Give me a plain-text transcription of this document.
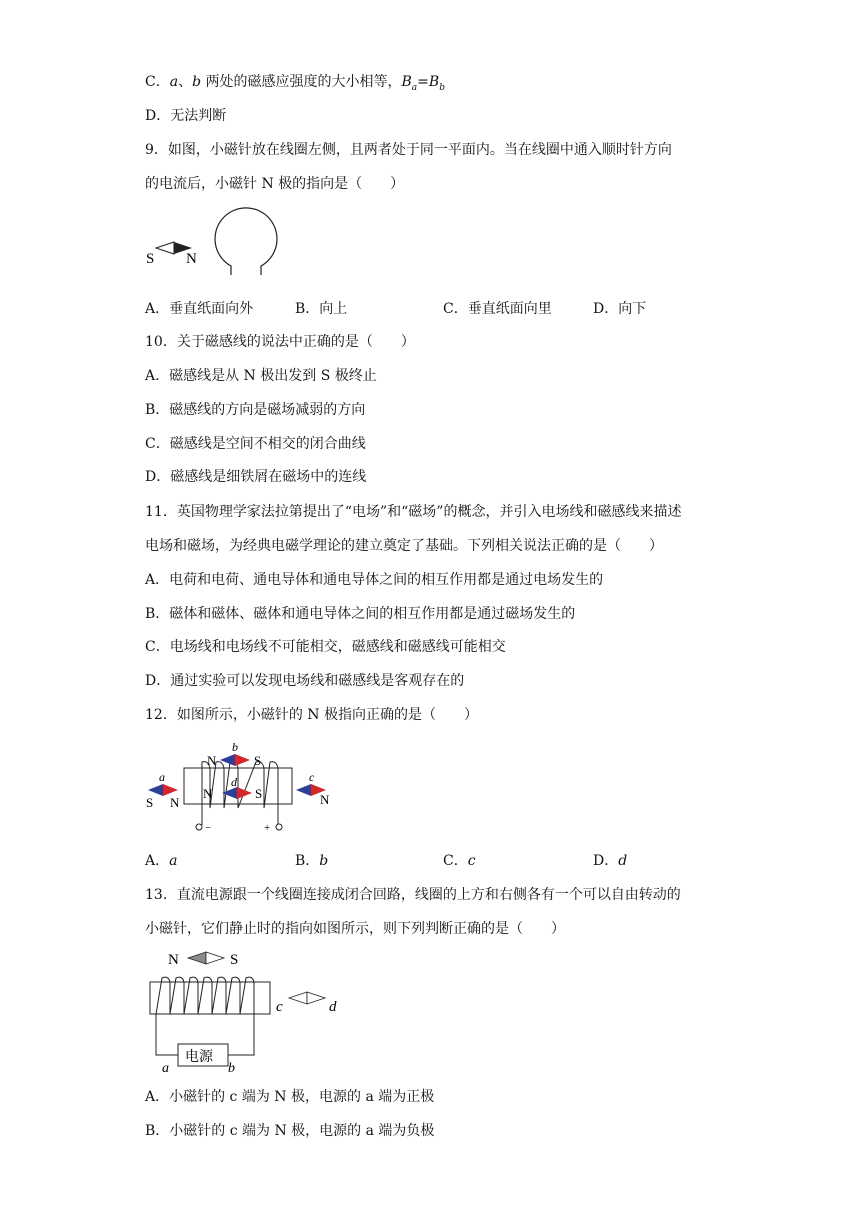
C．a、b 两处的磁感应强度的大小相等，$B_a=B_b$
D．无法判断
9．如图，小磁针放在线圈左侧，且两者处于同一平面内。当在线圈中通入顺时针方向
的电流后，小磁针 N 极的指向是（　　）
S N
A．垂直纸面向外	B．向上	C．垂直纸面向里	D．向下
10．关于磁感线的说法中正确的是（　　）
A．磁感线是从 N 极出发到 S 极终止
B．磁感线的方向是磁场减弱的方向
C．磁感线是空间不相交的闭合曲线
D．磁感线是细铁屑在磁场中的连线
11．英国物理学家法拉第提出了“电场”和“磁场”的概念，并引入电场线和磁感线来描述
电场和磁场，为经典电磁学理论的建立奠定了基础。下列相关说法正确的是（　　）
A．电荷和电荷、通电导体和通电导体之间的相互作用都是通过电场发生的
B．磁体和磁体、磁体和通电导体之间的相互作用都是通过磁场发生的
C．电场线和电场线不可能相交，磁感线和磁感线可能相交
D．通过实验可以发现电场线和磁感线是客观存在的
12．如图所示，小磁针的 N 极指向正确的是（　　）
−	+
a
S N
b
N	S
d
N	S
c
N
A．a	B．b	C．c	D．d
13．直流电源跟一个线圈连接成闭合回路，线圈的上方和右侧各有一个可以自由转动的
小磁针，它们静止时的指向如图所示，则下列判断正确的是（　　）
N	S
电源
a	b
c	d
A．小磁针的 c 端为 N 极，电源的 a 端为正极
B．小磁针的 c 端为 N 极，电源的 a 端为负极
